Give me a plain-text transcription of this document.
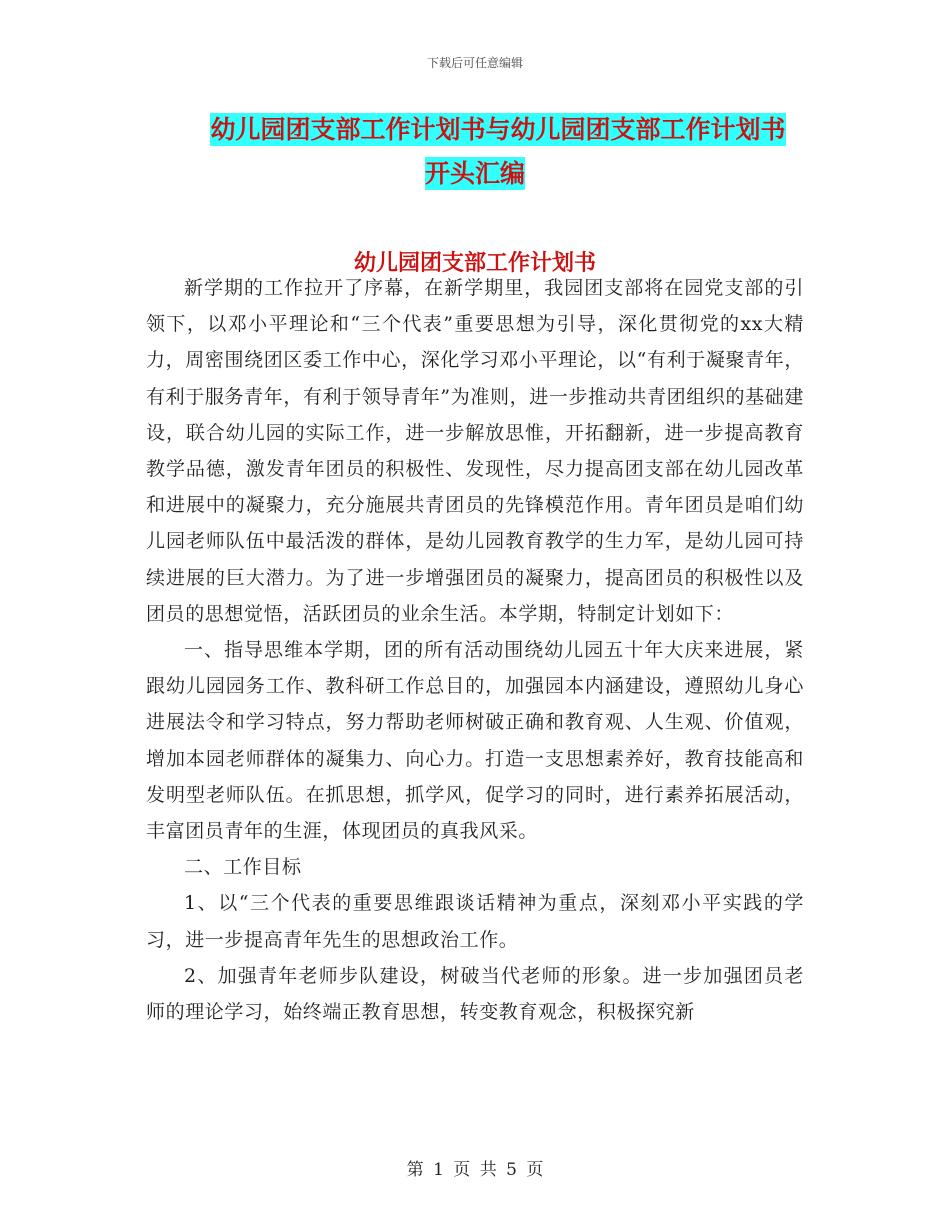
下载后可任意编辑
幼儿园团支部工作计划书与幼儿园团支部工作计划书
开头汇编
幼儿园团支部工作计划书

新学期的工作拉开了序幕，在新学期里，我园团支部将在园党支部的引领下，以邓小平理论和“三个代表”重要思想为引导，深化贯彻党的xx大精力，周密围绕团区委工作中心，深化学习邓小平理论，以“有利于凝聚青年，有利于服务青年，有利于领导青年”为准则，进一步推动共青团组织的基础建设，联合幼儿园的实际工作，进一步解放思惟，开拓翻新，进一步提高教育教学品德，激发青年团员的积极性、发现性，尽力提高团支部在幼儿园改革和进展中的凝聚力，充分施展共青团员的先锋模范作用。青年团员是咱们幼儿园老师队伍中最活泼的群体，是幼儿园教育教学的生力军，是幼儿园可持续进展的巨大潜力。为了进一步增强团员的凝聚力，提高团员的积极性以及团员的思想觉悟，活跃团员的业余生活。本学期，特制定计划如下：

一、指导思维本学期，团的所有活动围绕幼儿园五十年大庆来进展，紧跟幼儿园园务工作、教科研工作总目的，加强园本内涵建设，遵照幼儿身心进展法令和学习特点，努力帮助老师树破正确和教育观、人生观、价值观，增加本园老师群体的凝集力、向心力。打造一支思想素养好，教育技能高和发明型老师队伍。在抓思想，抓学风，促学习的同时，进行素养拓展活动，丰富团员青年的生涯，体现团员的真我风采。

二、工作目标

1、以“三个代表的重要思维跟谈话精神为重点，深刻邓小平实践的学习，进一步提高青年先生的思想政治工作。

2、加强青年老师步队建设，树破当代老师的形象。进一步加强团员老师的理论学习，始终端正教育思想，转变教育观念，积极探究新

第 1 页 共 5 页
